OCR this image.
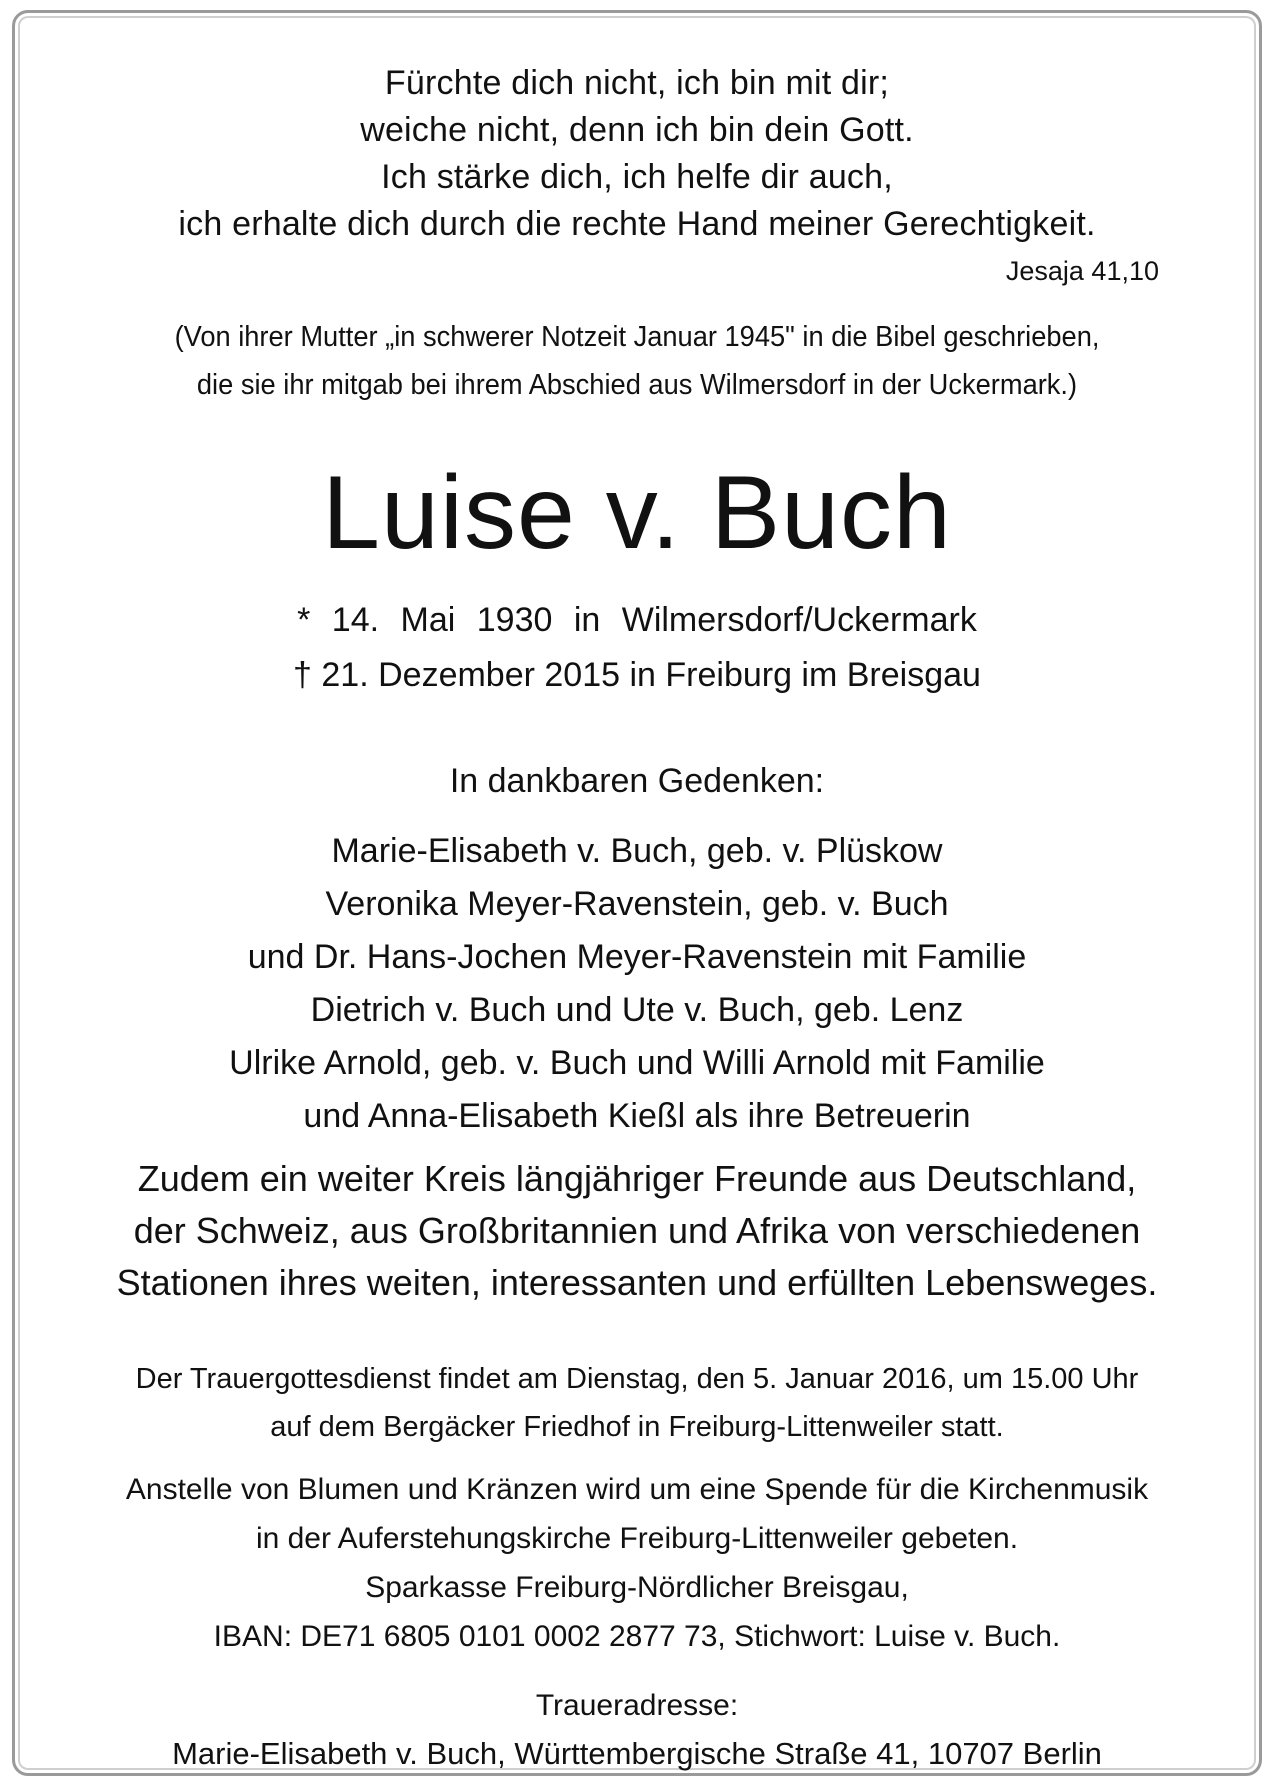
Fürchte dich nicht, ich bin mit dir;
weiche nicht, denn ich bin dein Gott.
Ich stärke dich, ich helfe dir auch,
ich erhalte dich durch die rechte Hand meiner Gerechtigkeit.
Jesaja 41,10
(Von ihrer Mutter „in schwerer Notzeit Januar 1945" in die Bibel geschrieben,
die sie ihr mitgab bei ihrem Abschied aus Wilmersdorf in der Uckermark.)
Luise v. Buch
* 14. Mai 1930 in Wilmersdorf/Uckermark
† 21. Dezember 2015 in Freiburg im Breisgau
In dankbaren Gedenken:
Marie-Elisabeth v. Buch, geb. v. Plüskow
Veronika Meyer-Ravenstein, geb. v. Buch
und Dr. Hans-Jochen Meyer-Ravenstein mit Familie
Dietrich v. Buch und Ute v. Buch, geb. Lenz
Ulrike Arnold, geb. v. Buch und Willi Arnold mit Familie
und Anna-Elisabeth Kießl als ihre Betreuerin
Zudem ein weiter Kreis längjähriger Freunde aus Deutschland,
der Schweiz, aus Großbritannien und Afrika von verschiedenen
Stationen ihres weiten, interessanten und erfüllten Lebensweges.
Der Trauergottesdienst findet am Dienstag, den 5. Januar 2016, um 15.00 Uhr
auf dem Bergäcker Friedhof in Freiburg-Littenweiler statt.
Anstelle von Blumen und Kränzen wird um eine Spende für die Kirchenmusik
in der Auferstehungskirche Freiburg-Littenweiler gebeten.
Sparkasse Freiburg-Nördlicher Breisgau,
IBAN: DE71 6805 0101 0002 2877 73, Stichwort: Luise v. Buch.
Traueradresse:
Marie-Elisabeth v. Buch, Württembergische Straße 41, 10707 Berlin
